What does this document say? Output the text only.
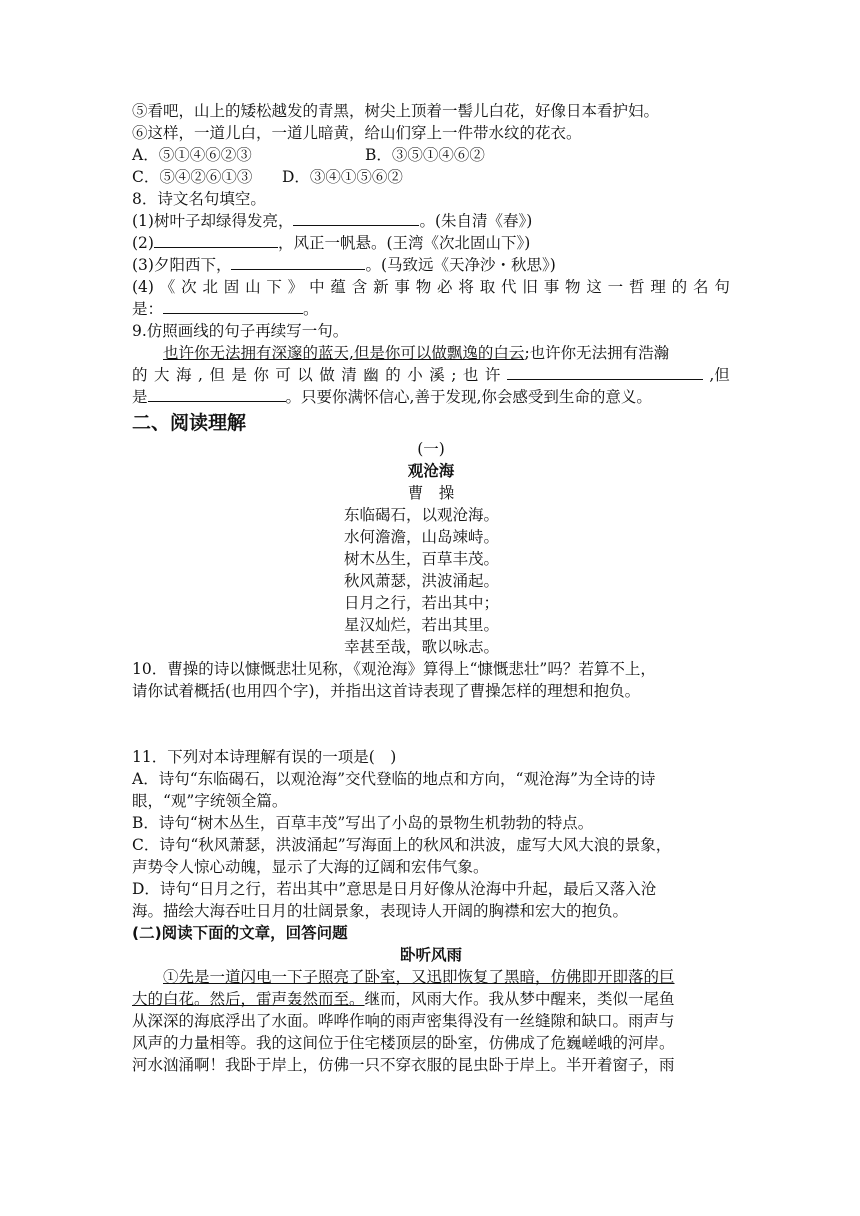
⑤看吧，山上的矮松越发的青黑，树尖上顶着一髻儿白花，好像日本看护妇。
⑥这样，一道儿白，一道儿暗黄，给山们穿上一件带水纹的花衣。
A．⑤①④⑥②③	B．③⑤①④⑥②
C．⑤④②⑥①③ D．③④①⑤⑥②
8．诗文名句填空。
(1)树叶子却绿得发亮，	。(朱自清《春》)
(2)	，风正一帆悬。(王湾《次北固山下》)
(3)夕阳西下，	。(马致远《天净沙・秋思》)
(4) 《 次 北 固 山 下 》 中 蕴 含 新 事 物 必 将 取 代 旧 事 物 这 一 哲 理 的 名 句
是：	。
9.仿照画线的句子再续写一句。
也许你无法拥有深邃的蓝天,但是你可以做飘逸的白云;也许你无法拥有浩瀚
的 大 海 , 但 是 你 可 以 做 清 幽 的 小 溪 ; 也 许	,但
是	。只要你满怀信心,善于发现,你会感受到生命的意义。
二、阅读理解
(一)
观沧海
曹　操
东临碣石，以观沧海。
水何澹澹，山岛竦峙。
树木丛生，百草丰茂。
秋风萧瑟，洪波涌起。
日月之行，若出其中；
星汉灿烂，若出其里。
幸甚至哉，歌以咏志。
10．曹操的诗以慷慨悲壮见称，《观沧海》算得上“慷慨悲壮”吗？若算不上，
请你试着概括(也用四个字)，并指出这首诗表现了曹操怎样的理想和抱负。
11．下列对本诗理解有误的一项是(　)
A．诗句“东临碣石，以观沧海”交代登临的地点和方向，“观沧海”为全诗的诗
眼，“观”字统领全篇。
B．诗句“树木丛生，百草丰茂”写出了小岛的景物生机勃勃的特点。
C．诗句“秋风萧瑟，洪波涌起”写海面上的秋风和洪波，虚写大风大浪的景象，
声势令人惊心动魄，显示了大海的辽阔和宏伟气象。
D．诗句“日月之行，若出其中”意思是日月好像从沧海中升起，最后又落入沧
海。描绘大海吞吐日月的壮阔景象，表现诗人开阔的胸襟和宏大的抱负。
(二)阅读下面的文章，回答问题
卧听风雨
①先是一道闪电一下子照亮了卧室，又迅即恢复了黑暗，仿佛即开即落的巨
大的白花。然后，雷声轰然而至。继而，风雨大作。我从梦中醒来，类似一尾鱼
从深深的海底浮出了水面。哗哗作响的雨声密集得没有一丝缝隙和缺口。雨声与
风声的力量相等。我的这间位于住宅楼顶层的卧室，仿佛成了危巍嵯峨的河岸。
河水汹涌啊！我卧于岸上，仿佛一只不穿衣服的昆虫卧于岸上。半开着窗子，雨
